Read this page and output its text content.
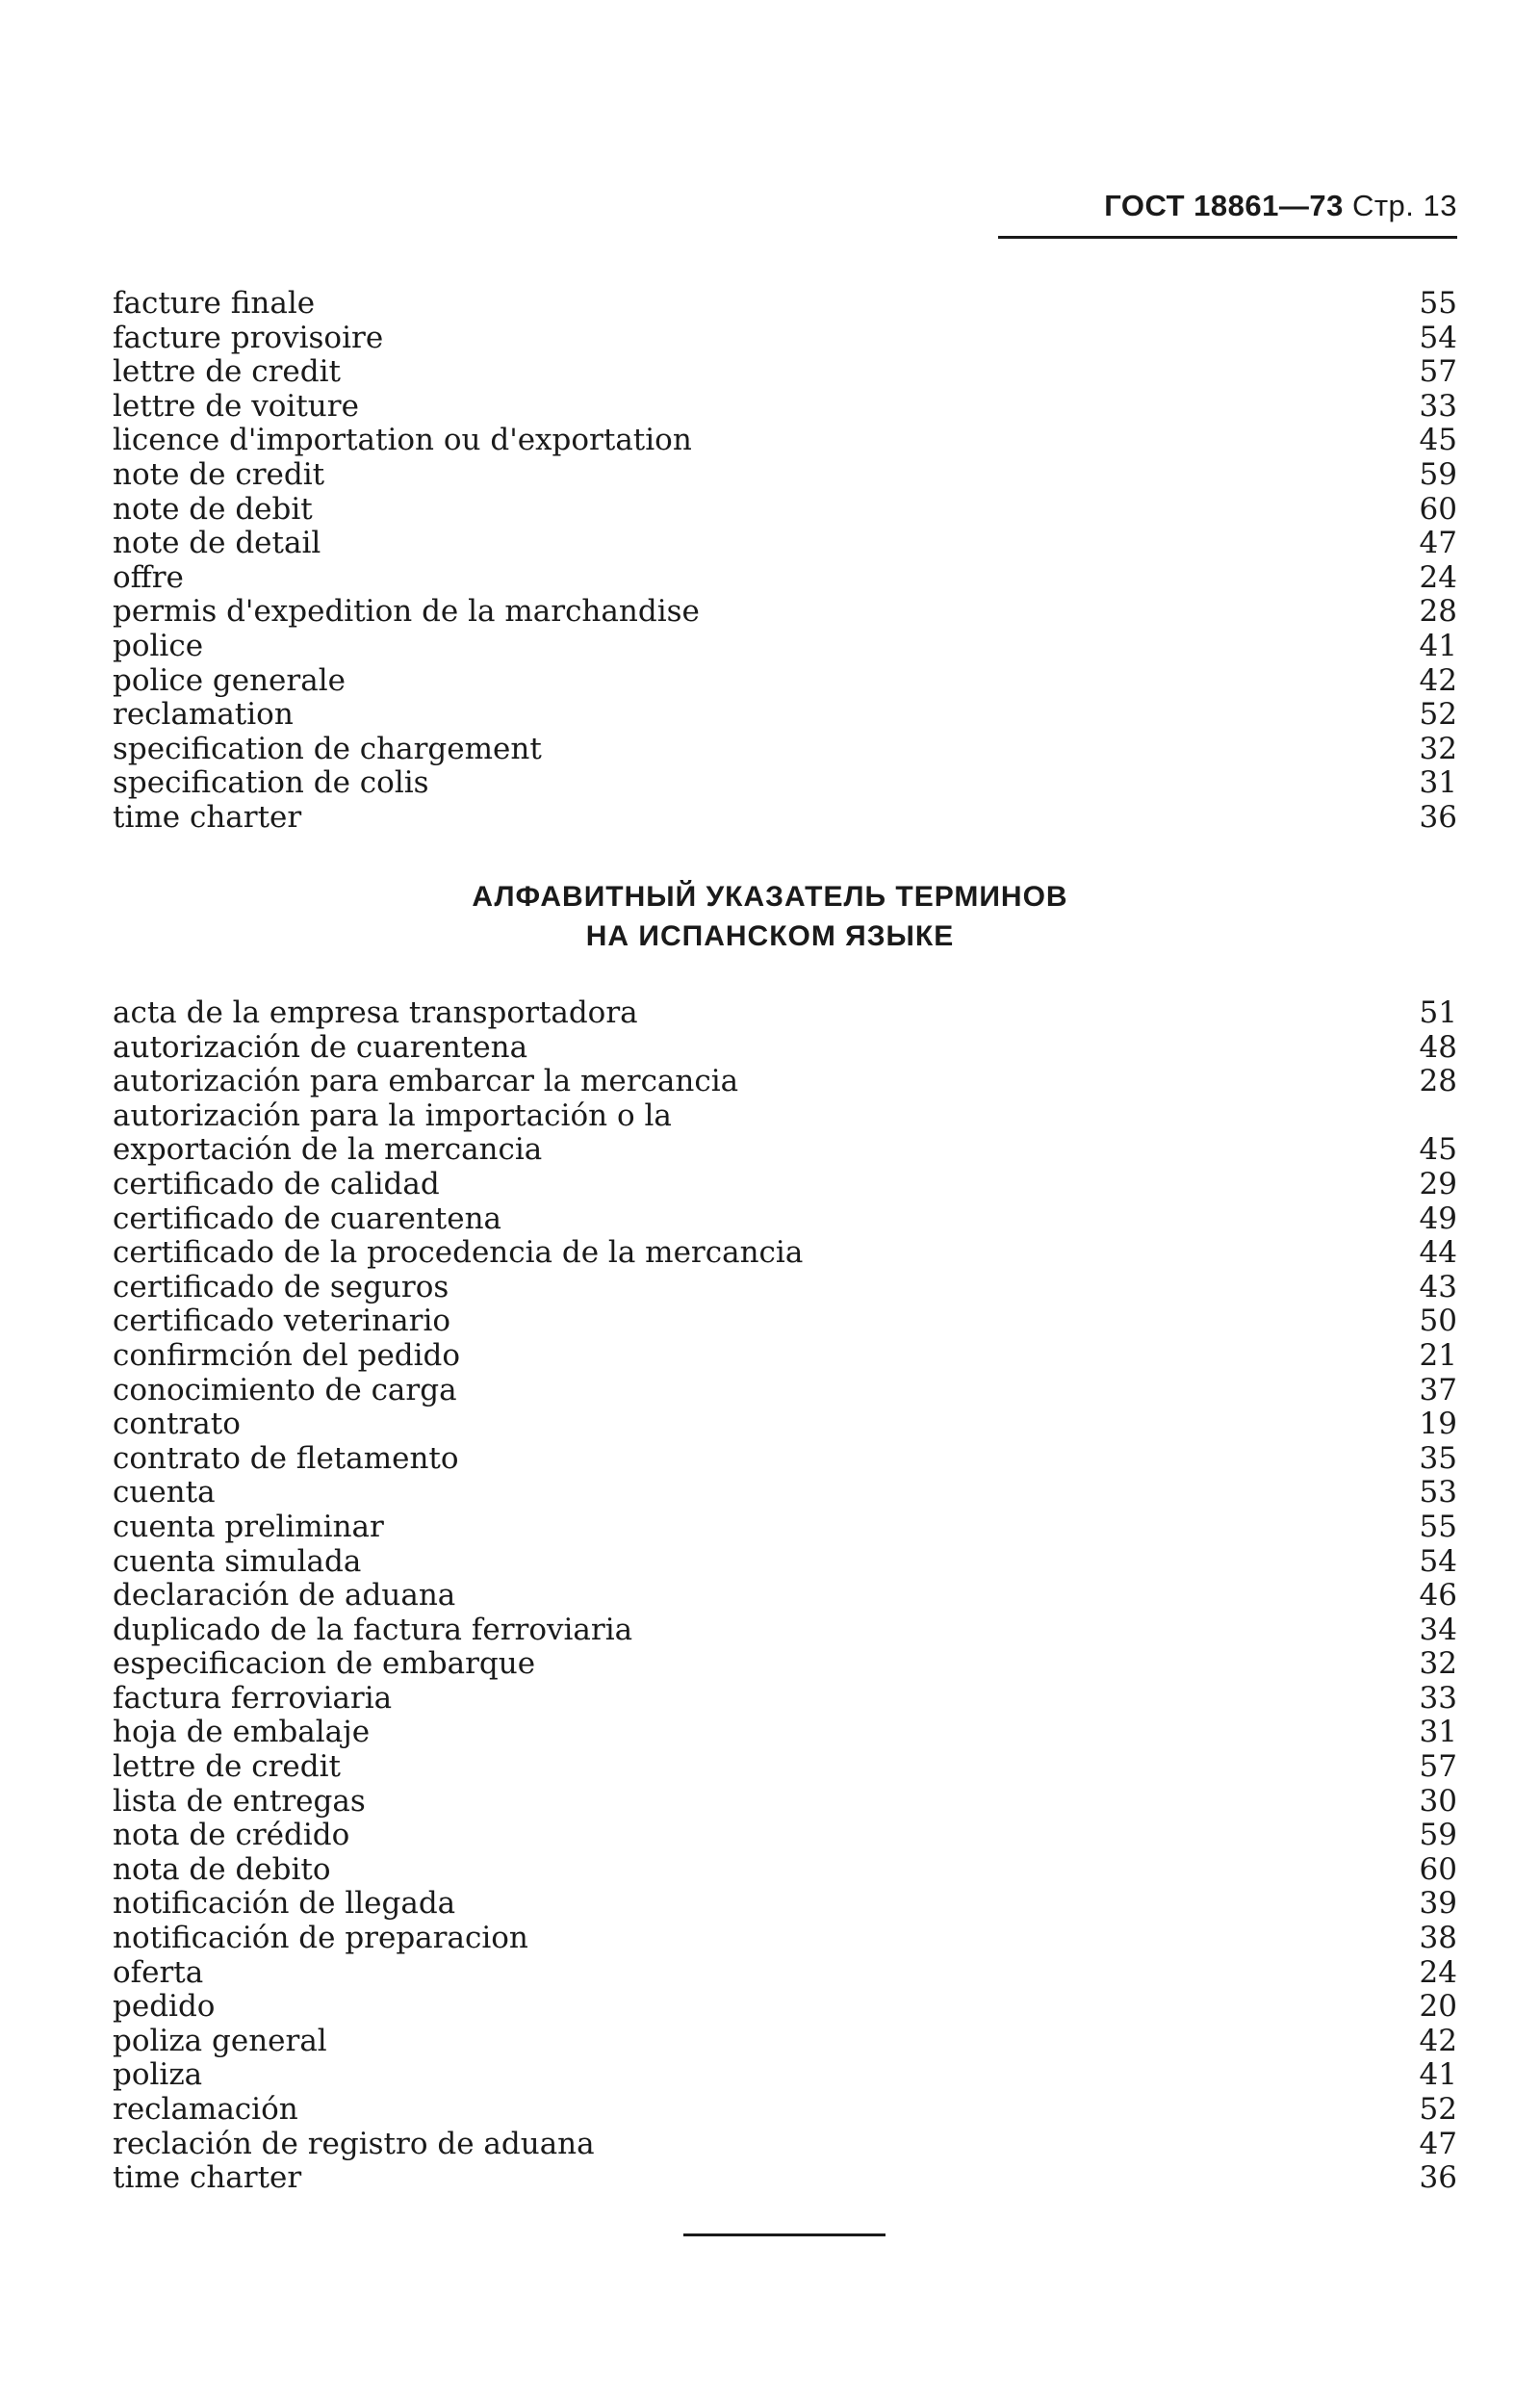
ГОСТ 18861—73 Стр. 13
facture finale	55
facture provisoire	54
lettre de credit	57
lettre de voiture	33
licence d'importation ou d'exportation	45
note de credit	59
note de debit	60
note de detail	47
offre	24
permis d'expedition de la marchandise	28
police	41
police generale	42
reclamation	52
specification de chargement	32
specification de colis	31
time charter	36
АЛФАВИТНЫЙ УКАЗАТЕЛЬ ТЕРМИНОВ
НА ИСПАНСКОМ ЯЗЫКЕ
acta de la empresa transportadora	51
autorización de cuarentena	48
autorización para embarcar la mercancia	28
autorización para la importación o la
exportación de la mercancia	45
certificado de calidad	29
certificado de cuarentena	49
certificado de la procedencia de la mercancia	44
certificado de seguros	43
certificado veterinario	50
confirmción del pedido	21
conocimiento de carga	37
contrato	19
contrato de fletamento	35
cuenta	53
cuenta preliminar	55
cuenta simulada	54
declaración de aduana	46
duplicado de la factura ferroviaria	34
especificacion de embarque	32
factura ferroviaria	33
hoja de embalaje	31
lettre de credit	57
lista de entregas	30
nota de crédido	59
nota de debito	60
notificación de llegada	39
notificación de preparacion	38
oferta	24
pedido	20
poliza general	42
poliza	41
reclamación	52
reclación de registro de aduana	47
time charter	36
